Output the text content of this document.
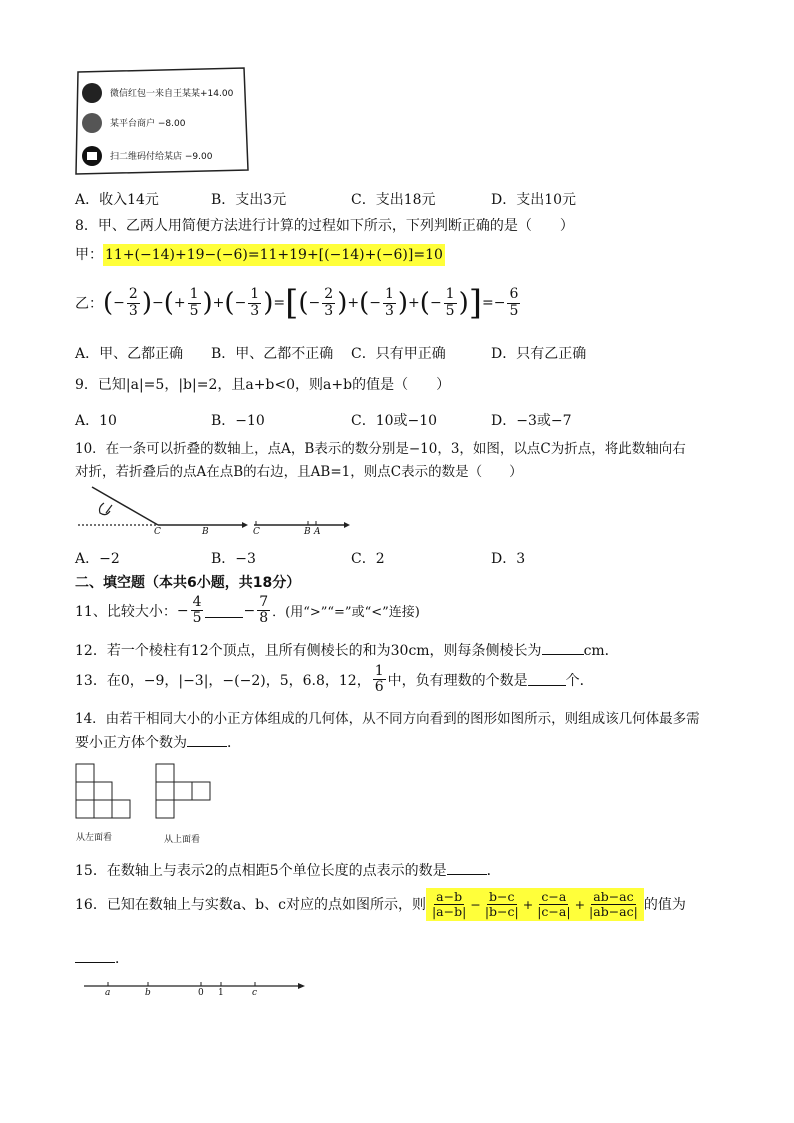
微信红包一来自王某某+14.00
某平台商户 −8.00
扫二维码付给某店 −9.00
A．收入14元	B．支出3元	C．支出18元	D．支出10元
8．甲、乙两人用简便方法进行计算的过程如下所示，下列判断正确的是（　　）
甲： 11+(−14)+19−(−6)=11+19+[(−14)+(−6)]=10
乙： ( − $\frac{2}{3}$ ) − ( + $\frac{1}{5}$ ) + ( − $\frac{1}{3}$ ) = [ ( − $\frac{2}{3}$ ) + ( − $\frac{1}{3}$ ) + ( − $\frac{1}{5}$ ) ] =− $\frac{6}{5}$
A．甲、乙都正确 B．甲、乙都不正确 C．只有甲正确	D．只有乙正确
9．已知|a|=5，|b|=2，且a+b<0，则a+b的值是（　　）
A．10	B．−10	C．10或−10	D．−3或−7
10．在一条可以折叠的数轴上，点A，B表示的数分别是−10，3，如图，以点C为折点，将此数轴向右
对折，若折叠后的点A在点B的右边，且AB=1，则点C表示的数是（　　）
C	B	C	B A
A．−2	B．−3	C．2	D．3
二、填空题（本共6小题，共18分）
11、比较大小： − $\frac{4}{5}$	− $\frac{7}{8}$ ．(用“>”“=”或“<”连接)
12．若一个棱柱有12个顶点，且所有侧棱长的和为30cm，则每条侧棱长为	cm．
13．在0，−9，|−3|，−(−2)，5，6.8，12， $\frac{1}{6}$ 中，负有理数的个数是	个．
14．由若干相同大小的小正方体组成的几何体，从不同方向看到的图形如图所示，则组成该几何体最多需
要小正方体个数为	．
从左面看	从上面看
15．在数轴上与表示2的点相距5个单位长度的点表示的数是	．
16．已知在数轴上与实数a、b、c对应的点如图所示，则 $\frac{a-b}{|a-b|} - \frac{b-c}{|b-c|} + \frac{c-a}{|c-a|} + \frac{ab-ac}{|ab-ac|}$ 的值为
．
a	b	0 1	c
